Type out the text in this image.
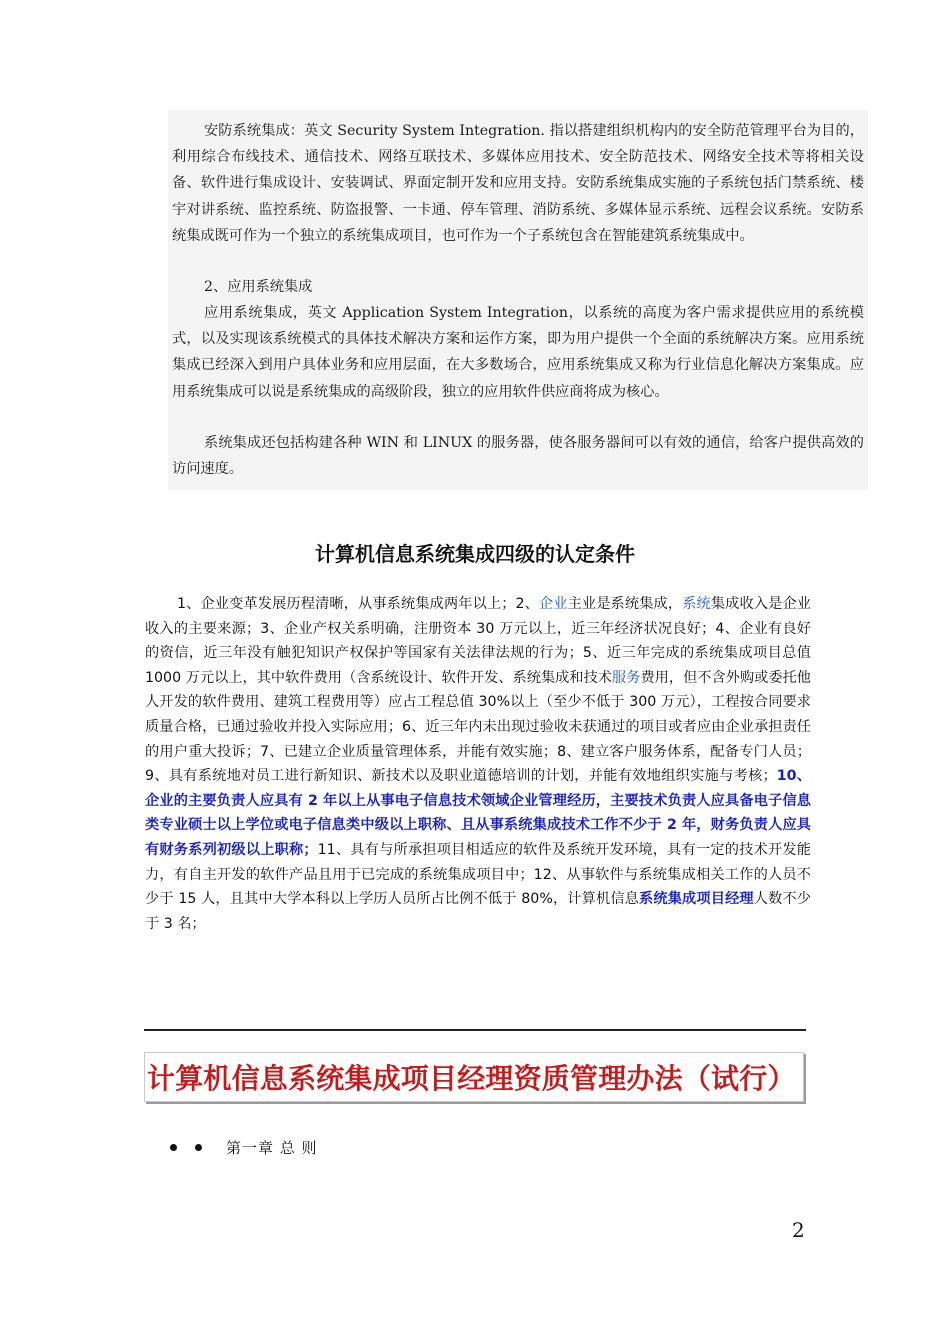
安防系统集成：英文 Security System Integration. 指以搭建组织机构内的安全防范管理平台为目的，利用综合布线技术、通信技术、网络互联技术、多媒体应用技术、安全防范技术、网络安全技术等将相关设备、软件进行集成设计、安装调试、界面定制开发和应用支持。安防系统集成实施的子系统包括门禁系统、楼宇对讲系统、监控系统、防盗报警、一卡通、停车管理、消防系统、多媒体显示系统、远程会议系统。安防系统集成既可作为一个独立的系统集成项目，也可作为一个子系统包含在智能建筑系统集成中。

2、应用系统集成

应用系统集成，英文 Application System Integration，以系统的高度为客户需求提供应用的系统模式，以及实现该系统模式的具体技术解决方案和运作方案，即为用户提供一个全面的系统解决方案。应用系统集成已经深入到用户具体业务和应用层面，在大多数场合，应用系统集成又称为行业信息化解决方案集成。应用系统集成可以说是系统集成的高级阶段，独立的应用软件供应商将成为核心。

系统集成还包括构建各种 WIN 和 LINUX 的服务器，使各服务器间可以有效的通信，给客户提供高效的访问速度。

计算机信息系统集成四级的认定条件

1、企业变革发展历程清晰，从事系统集成两年以上；2、企业主业是系统集成，系统集成收入是企业收入的主要来源；3、企业产权关系明确，注册资本 30 万元以上，近三年经济状况良好；4、企业有良好的资信，近三年没有触犯知识产权保护等国家有关法律法规的行为；5、近三年完成的系统集成项目总值 1000 万元以上，其中软件费用（含系统设计、软件开发、系统集成和技术服务费用，但不含外购或委托他人开发的软件费用、建筑工程费用等）应占工程总值 30%以上（至少不低于 300 万元），工程按合同要求质量合格，已通过验收并投入实际应用；6、近三年内未出现过验收未获通过的项目或者应由企业承担责任的用户重大投诉；7、已建立企业质量管理体系，并能有效实施；8、建立客户服务体系，配备专门人员；9、具有系统地对员工进行新知识、新技术以及职业道德培训的计划，并能有效地组织实施与考核；10、企业的主要负责人应具有 2 年以上从事电子信息技术领域企业管理经历，主要技术负责人应具备电子信息类专业硕士以上学位或电子信息类中级以上职称、且从事系统集成技术工作不少于 2 年，财务负责人应具有财务系列初级以上职称；11、具有与所承担项目相适应的软件及系统开发环境，具有一定的技术开发能力，有自主开发的软件产品且用于已完成的系统集成项目中；12、从事软件与系统集成相关工作的人员不少于 15 人，且其中大学本科以上学历人员所占比例不低于 80%，计算机信息系统集成项目经理人数不少于 3 名；

计算机信息系统集成项目经理资质管理办法（试行）
第一章 总 则
2
